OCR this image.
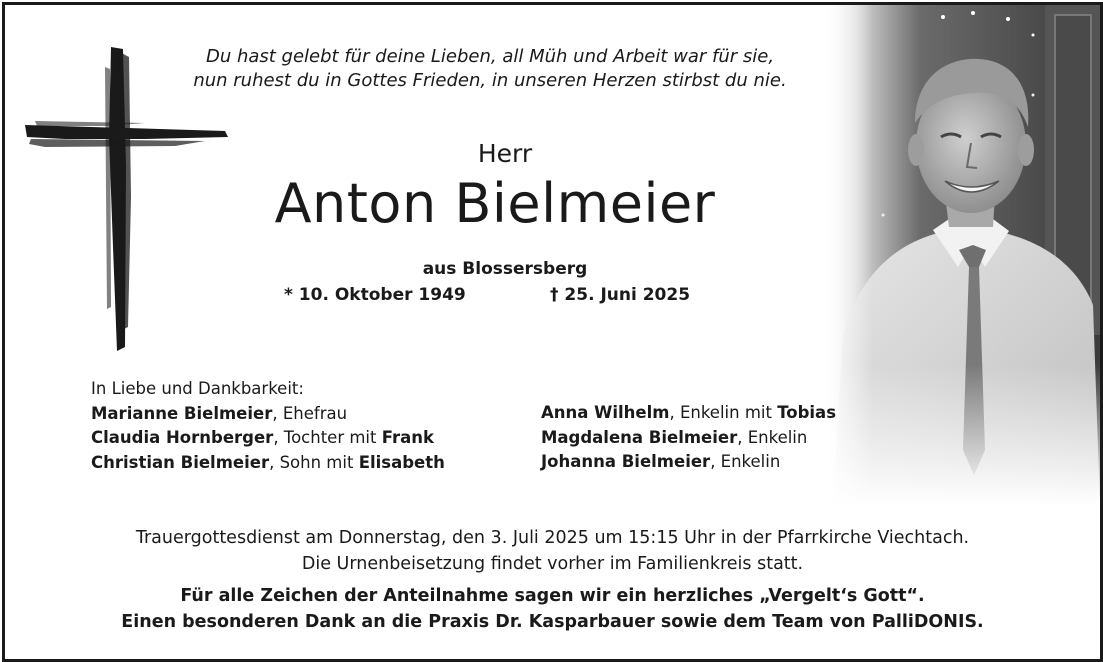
Du hast gelebt für deine Lieben, all Müh und Arbeit war für sie,
nun ruhest du in Gottes Frieden, in unseren Herzen stirbst du nie.
Herr
Anton Bielmeier
aus Blossersberg
* 10. Oktober 1949	† 25. Juni 2025
In Liebe und Dankbarkeit:
Marianne Bielmeier, Ehefrau
Claudia Hornberger, Tochter mit Frank
Christian Bielmeier, Sohn mit Elisabeth
Anna Wilhelm, Enkelin mit Tobias
Magdalena Bielmeier, Enkelin
Johanna Bielmeier, Enkelin
Trauergottesdienst am Donnerstag, den 3. Juli 2025 um 15:15 Uhr in der Pfarrkirche Viechtach.
Die Urnenbeisetzung findet vorher im Familienkreis statt.
Für alle Zeichen der Anteilnahme sagen wir ein herzliches „Vergelt‘s Gott“.
Einen besonderen Dank an die Praxis Dr. Kasparbauer sowie dem Team von PalliDONIS.
